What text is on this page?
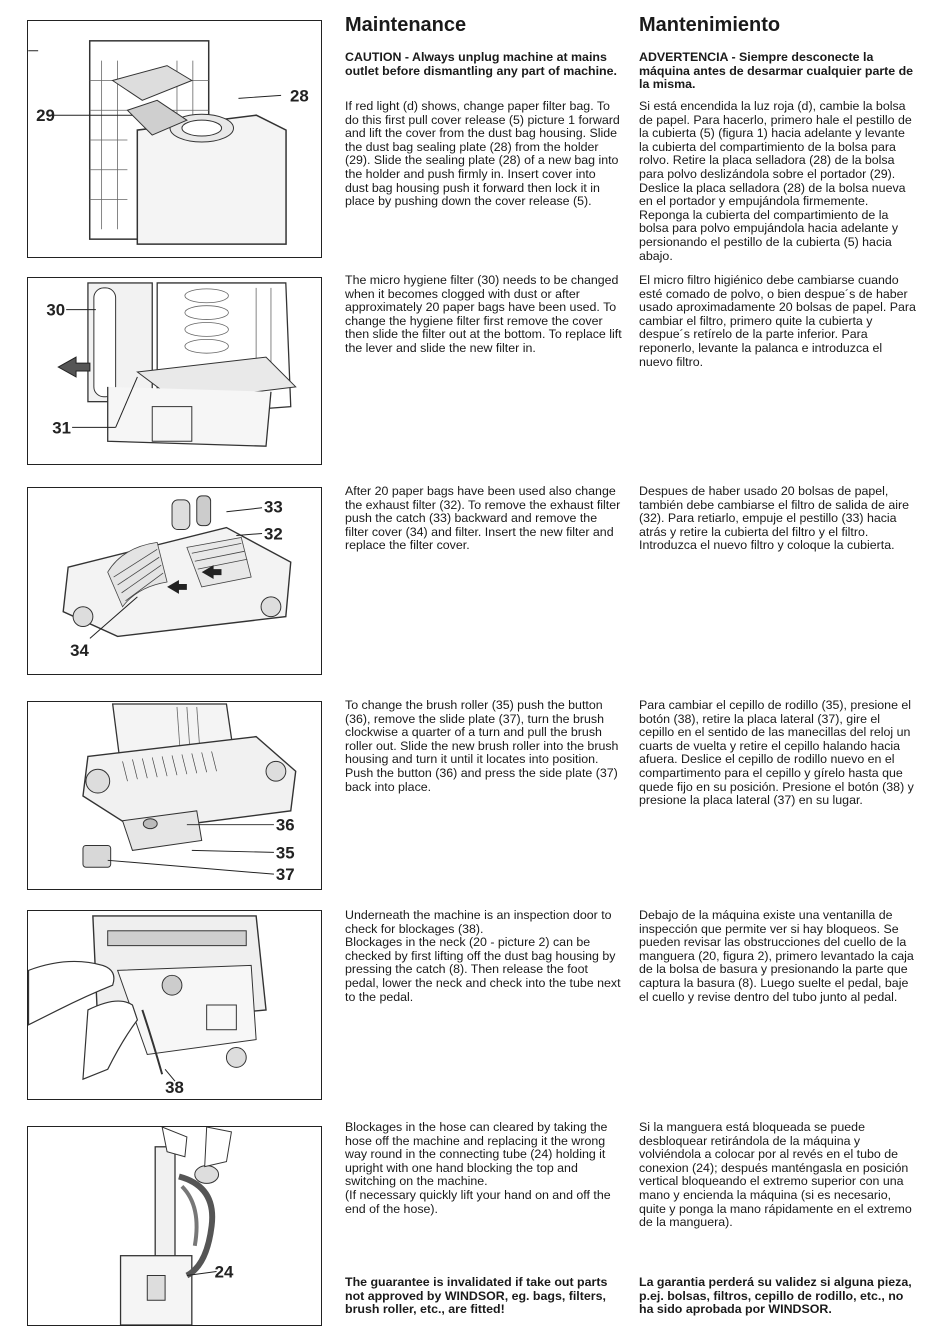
29
28
30
31
33
32
34
36
35
37
38
24
Maintenance

CAUTION - Always unplug machine at mains outlet before dismantling any part of machine.

If red light (d) shows, change paper filter bag. To do this first pull cover release (5) picture 1 forward and lift the cover from the dust bag housing. Slide the dust bag sealing plate (28) from the holder (29). Slide the sealing plate (28) of a new bag into the holder and push firmly in. Insert cover into dust bag housing push it forward then lock it in place by pushing down the cover release (5).

The micro hygiene filter (30) needs to be changed when it becomes clogged with dust or after approximately 20 paper bags have been used. To change the hygiene filter first remove the cover then slide the filter out at the bottom. To replace lift the lever and slide the new filter in.

After 20 paper bags have been used also change the exhaust filter (32). To remove the exhaust filter push the catch (33) backward and remove the filter cover (34) and filter. Insert the new filter and replace the filter cover.

To change the brush roller (35) push the button (36), remove the slide plate (37), turn the brush clockwise a quarter of a turn and pull the brush roller out. Slide the new brush roller into the brush housing and turn it until it locates into position. Push the button (36) and press the side plate (37) back into place.

Underneath the machine is an inspection door to check for blockages (38).
Blockages in the neck (20 - picture 2) can be checked by first lifting off the dust bag housing by pressing the catch (8). Then release the foot pedal, lower the neck and check into the tube next to the pedal.

Blockages in the hose can cleared by taking the hose off the machine and replacing it the wrong way round in the connecting tube (24) holding it upright with one hand blocking the top and switching on the machine.
(If necessary quickly lift your hand on and off the end of the hose).

The guarantee is invalidated if take out parts not approved by WINDSOR, eg. bags, filters, brush roller, etc., are fitted!

Mantenimiento

ADVERTENCIA - Siempre desconecte la máquina antes de desarmar cualquier parte de la misma.

Si está encendida la luz roja (d), cambie la bolsa de papel. Para hacerlo, primero hale el pestillo de la cubierta (5) (figura 1) hacia adelante y levante la cubierta del compartimiento de la bolsa para rolvo. Retire la placa selladora (28) de la bolsa para polvo deslizándola sobre el portador (29). Deslice la placa selladora (28) de la bolsa nueva en el portador y empujándola firmemente. Reponga la cubierta del compartimiento de la bolsa para polvo empujándola hacia adelante y persionando el pestillo de la cubierta (5) hacia abajo.

El micro filtro higiénico debe cambiarse cuando esté comado de polvo, o bien despue´s de haber usado aproximadamente 20 bolsas de papel. Para cambiar el filtro, primero quite la cubierta y despue´s retírelo de la parte inferior. Para reponerlo, levante la palanca e introduzca el nuevo filtro.

Despues de haber usado 20 bolsas de papel, también debe cambiarse el filtro de salida de aire (32). Para retiarlo, empuje el pestillo (33) hacia atrás y retire la cubierta del filtro y el filtro. Introduzca el nuevo filtro y coloque la cubierta.

Para cambiar el cepillo de rodillo (35), presione el botón (38), retire la placa lateral (37), gire el cepillo en el sentido de las manecillas del reloj un cuarts de vuelta y retire el cepillo halando hacia afuera. Deslice el cepillo de rodillo nuevo en el compartimento para el cepillo y gírelo hasta que quede fijo en su posición. Presione el botón (38) y presione la placa lateral (37) en su lugar.

Debajo de la máquina existe una ventanilla de inspección que permite ver si hay bloqueos. Se pueden revisar las obstrucciones del cuello de la manguera (20, figura 2), primero levantado la caja de la bolsa de basura y presionando la parte que captura la basura (8). Luego suelte el pedal, baje el cuello y revise dentro del tubo junto al pedal.

Si la manguera está bloqueada se puede desbloquear retirándola de la máquina y volviéndola a colocar por al revés en el tubo de conexion (24); después manténgasla en posición vertical bloqueando el extremo superior con una mano y encienda la máquina (si es necesario, quite y ponga la mano rápidamente en el extremo de la manguera).

La garantia perderá su validez si alguna pieza, p.ej. bolsas, filtros, cepillo de rodillo, etc., no ha sido aprobada por WINDSOR.
